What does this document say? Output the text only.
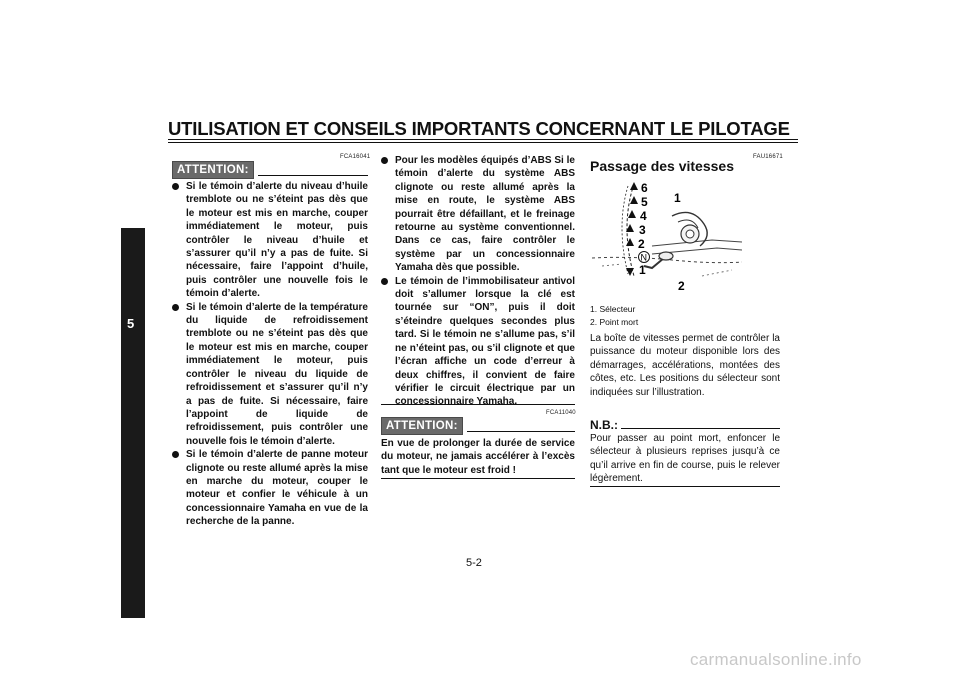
UTILISATION ET CONSEILS IMPORTANTS CONCERNANT LE PILOTAGE
5
FCA16041
ATTENTION:
Si le témoin d’alerte du niveau d’huile tremblote ou ne s’éteint pas dès que le moteur est mis en marche, couper immédiatement le moteur, puis contrôler le niveau d’huile et s’assurer qu’il n’y a pas de fuite. Si nécessaire, faire l’appoint d’huile, puis contrôler une nouvelle fois le témoin d’alerte.
Si le témoin d’alerte de la température du liquide de refroidissement tremblote ou ne s’éteint pas dès que le moteur est mis en marche, couper immédiatement le moteur, puis contrôler le niveau du liquide de refroidissement et s’assurer qu’il n’y a pas de fuite. Si nécessaire, faire l’appoint de liquide de refroidissement, puis contrôler une nouvelle fois le témoin d’alerte.
Si le témoin d’alerte de panne moteur clignote ou reste allumé après la mise en marche du moteur, couper le moteur et confier le véhicule à un concessionnaire Yamaha en vue de la recherche de la panne.
Pour les modèles équipés d’ABS Si le témoin d’alerte du système ABS clignote ou reste allumé après la mise en route, le système ABS pourrait être défaillant, et le freinage retourne au système conventionnel. Dans ce cas, faire contrôler le système par un concessionnaire Yamaha dès que possible.
Le témoin de l’immobilisateur antivol doit s’allumer lorsque la clé est tournée sur “ON”, puis il doit s’éteindre quelques secondes plus tard. Si le témoin ne s’allume pas, s’il ne n’éteint pas, ou s’il clignote et que l’écran affiche un code d’erreur à deux chiffres, il convient de faire vérifier le circuit électrique par un concessionnaire Yamaha.
FCA11040
ATTENTION:
En vue de prolonger la durée de service du moteur, ne jamais accélérer à l’excès tant que le moteur est froid !
FAU16671
Passage des vitesses
6
5
4
3
2
N
1
1
2
1. Sélecteur
2. Point mort
La boîte de vitesses permet de contrôler la puissance du moteur disponible lors des démarrages, accélérations, montées des côtes, etc. Les positions du sélecteur sont indiquées sur l’illustration.
N.B.:
Pour passer au point mort, enfoncer le sélecteur à plusieurs reprises jusqu’à ce qu’il arrive en fin de course, puis le relever légèrement.
5-2
carmanualsonline.info
